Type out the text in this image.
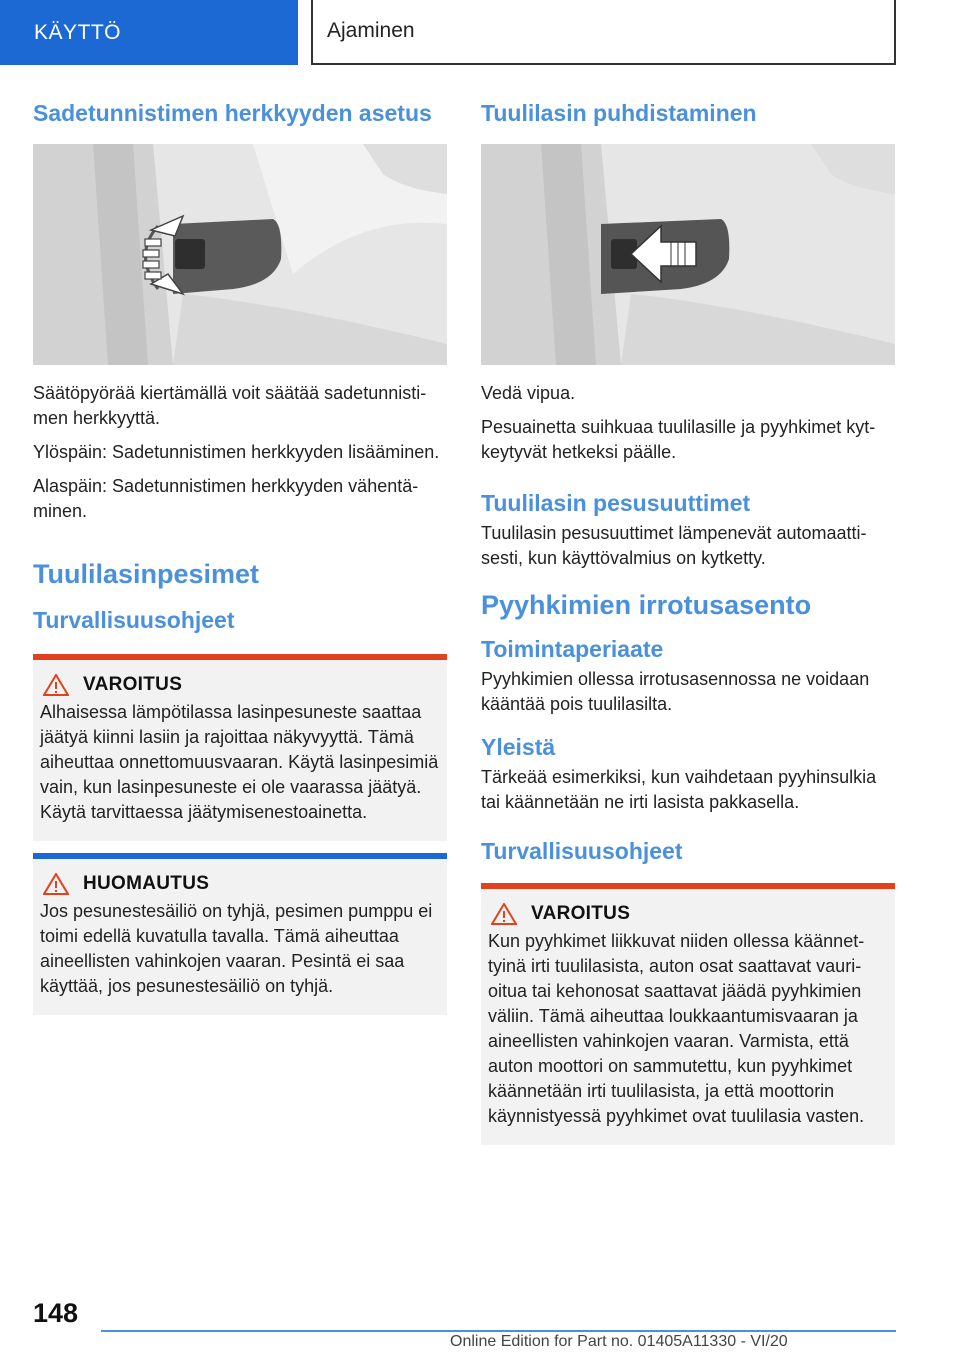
KÄYTTÖ	Ajaminen
Sadetunnistimen herkkyyden asetus

Säätöpyörää kiertämällä voit säätää sadetunnistimen herkkyyttä.

Ylöspäin: Sadetunnistimen herkkyyden lisääminen.

Alaspäin: Sadetunnistimen herkkyyden vähentäminen.

Tuulilasinpesimet
Turvallisuusohjeet
VAROITUS

Alhaisessa lämpötilassa lasinpesuneste saattaa jäätyä kiinni lasiin ja rajoittaa näkyvyyttä. Tämä aiheuttaa onnettomuusvaaran. Käytä lasinpesimiä vain, kun lasinpesuneste ei ole vaarassa jäätyä. Käytä tarvittaessa jäätymisenestoainetta.

HUOMAUTUS

Jos pesunestesäiliö on tyhjä, pesimen pumppu ei toimi edellä kuvatulla tavalla. Tämä aiheuttaa aineellisten vahinkojen vaaran. Pesintä ei saa käyttää, jos pesunestesäiliö on tyhjä.

Tuulilasin puhdistaminen

Vedä vipua.

Pesuainetta suihkuaa tuulilasille ja pyyhkimet kytkeytyvät hetkeksi päälle.

Tuulilasin pesusuuttimet

Tuulilasin pesusuuttimet lämpenevät automaattisesti, kun käyttövalmius on kytketty.

Pyyhkimien irrotusasento
Toimintaperiaate

Pyyhkimien ollessa irrotusasennossa ne voidaan kääntää pois tuulilasilta.

Yleistä

Tärkeää esimerkiksi, kun vaihdetaan pyyhinsulkia tai käännetään ne irti lasista pakkasella.

Turvallisuusohjeet
VAROITUS

Kun pyyhkimet liikkuvat niiden ollessa käännettyinä irti tuulilasista, auton osat saattavat vaurioitua tai kehonosat saattavat jäädä pyyhkimien väliin. Tämä aiheuttaa loukkaantumisvaaran ja aineellisten vahinkojen vaaran. Varmista, että auton moottori on sammutettu, kun pyyhkimet käännetään irti tuulilasista, ja että moottorin käynnistyessä pyyhkimet ovat tuulilasia vasten.

148
Online Edition for Part no. 01405A11330 - VI/20
